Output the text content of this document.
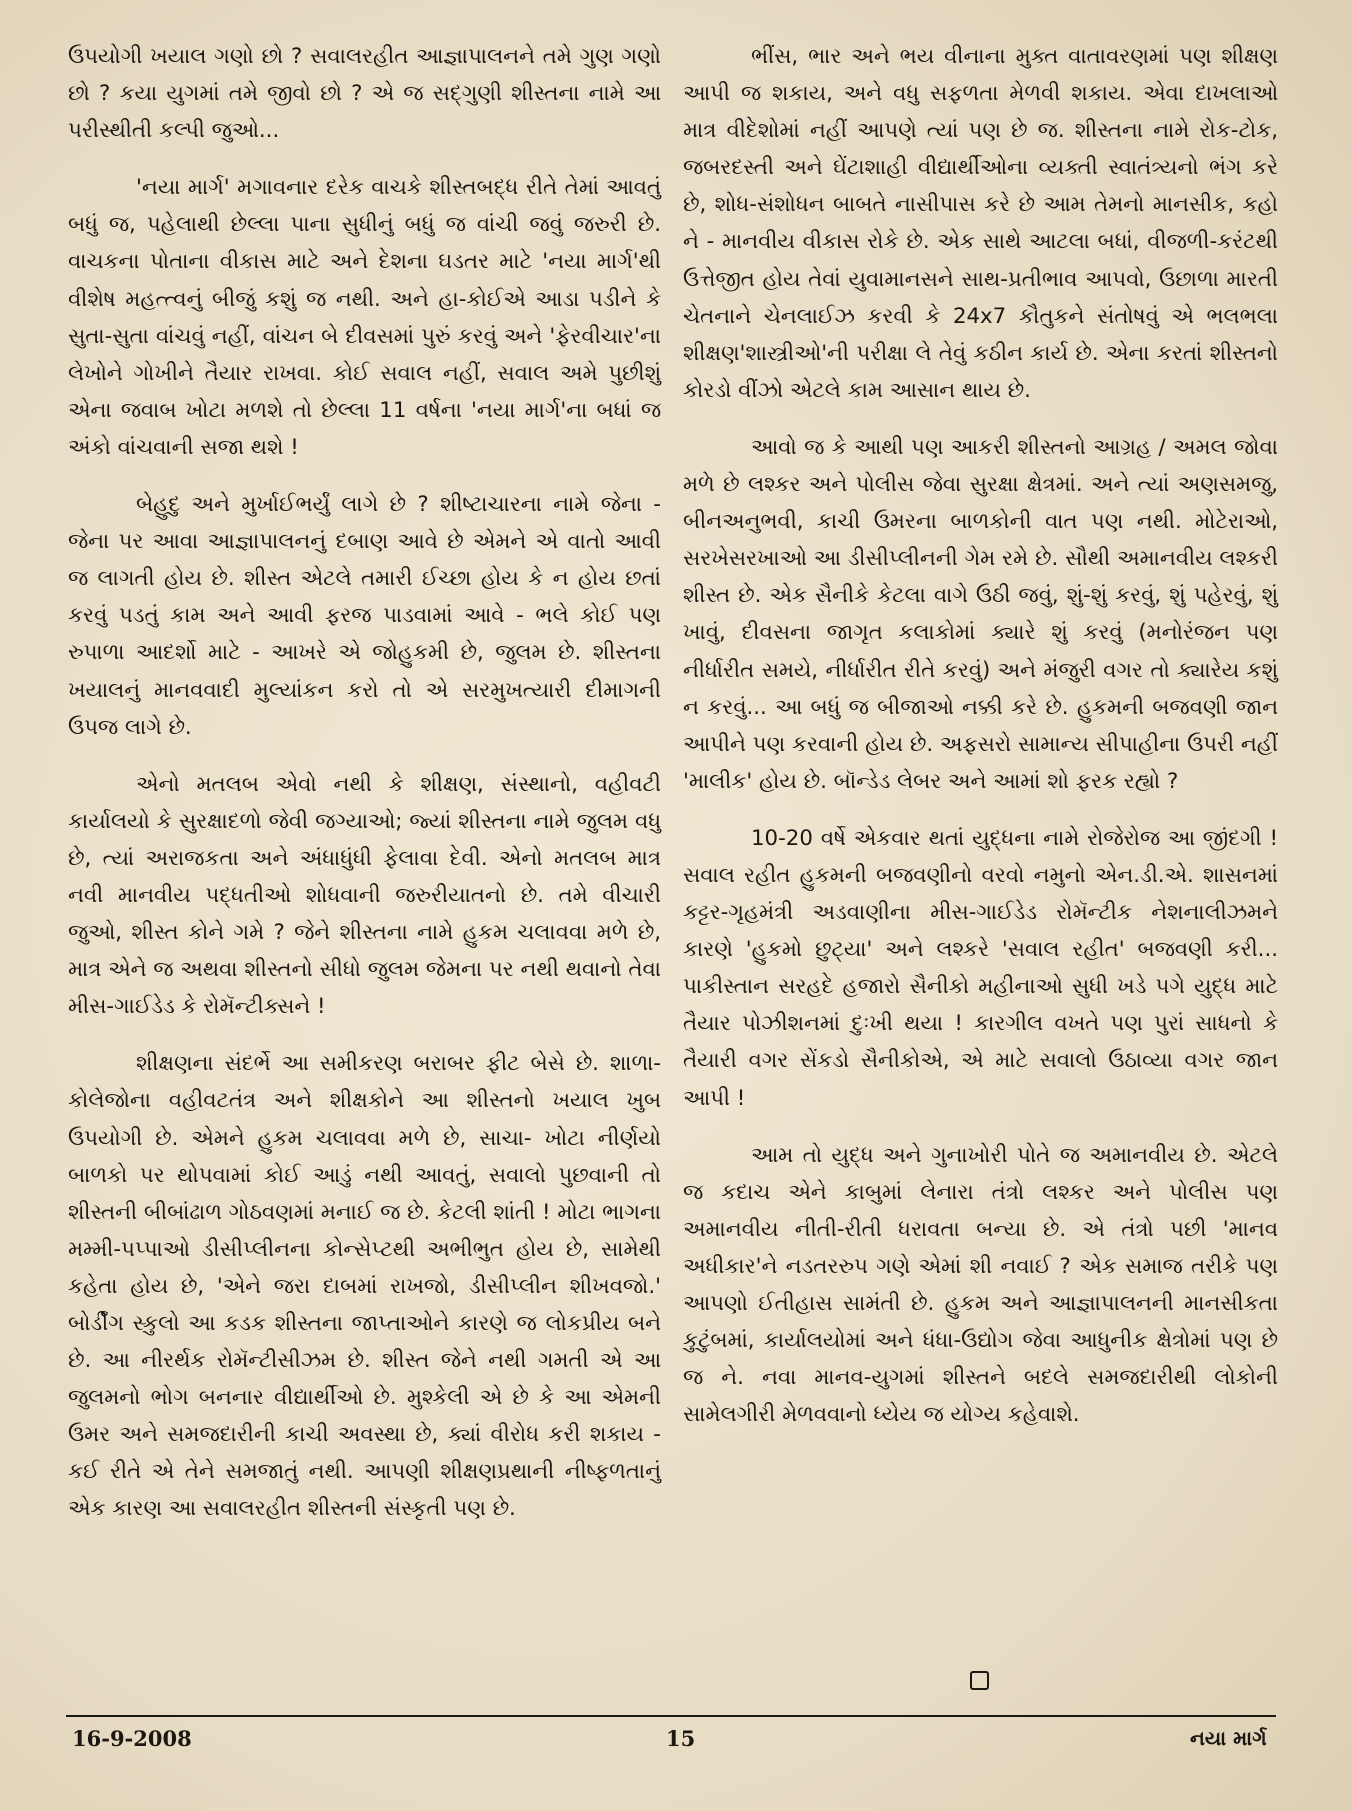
ઉપયોગી ખયાલ ગણો છો ? સવાલરહીત આજ્ઞાપાલનને તમે ગુણ ગણો છો ? કયા યુગમાં તમે જીવો છો ? એ જ સદ્‌ગુણી શીસ્તના નામે આ પરીસ્થીતી કલ્પી જુઓ...

'નયા માર્ગ' મગાવનાર દરેક વાચકે શીસ્તબદ્ધ રીતે તેમાં આવતું બધું જ, પહેલાથી છેલ્લા પાના સુધીનું બધું જ વાંચી જવું જરુરી છે. વાચકના પોતાના વીકાસ માટે અને દેશના ઘડતર માટે 'નયા માર્ગ'થી વીશેષ મહત્ત્વનું બીજું કશું જ નથી. અને હા-કોઈએ આડા પડીને કે સુતા-સુતા વાંચવું નહીં, વાંચન બે દીવસમાં પુરું કરવું અને 'ફેરવીચાર'ના લેખોને ગોખીને તૈયાર રાખવા. કોઈ સવાલ નહીં, સવાલ અમે પુછીશું એના જવાબ ખોટા મળશે તો છેલ્લા 11 વર્ષના 'નયા માર્ગ'ના બધાં જ અંકો વાંચવાની સજા થશે !

બેહુદુ અને મુર્ખાઈભર્યું લાગે છે ? શીષ્ટાચારના નામે જેના - જેના પર આવા આજ્ઞાપાલનનું દબાણ આવે છે એમને એ વાતો આવી જ લાગતી હોય છે. શીસ્ત એટલે તમારી ઈચ્છા હોય કે ન હોય છતાં કરવું પડતું કામ અને આવી ફરજ પાડવામાં આવે - ભલે કોઈ પણ રુપાળા આદર્શો માટે - આખરે એ જોહુકમી છે, જુલમ છે. શીસ્તના ખયાલનું માનવવાદી મુલ્યાંકન કરો તો એ સરમુખત્યારી દીમાગની ઉપજ લાગે છે.

એનો મતલબ એવો નથી કે શીક્ષણ, સંસ્થાનો, વહીવટી કાર્યાલયો કે સુરક્ષાદળો જેવી જગ્યાઓ; જ્યાં શીસ્તના નામે જુલમ વધુ છે, ત્યાં અરાજકતા અને અંધાધુંધી ફેલાવા દેવી. એનો મતલબ માત્ર નવી માનવીય પદ્ધતીઓ શોધવાની જરુરીયાતનો છે. તમે વીચારી જુઓ, શીસ્ત કોને ગમે ? જેને શીસ્તના નામે હુકમ ચલાવવા મળે છે, માત્ર એને જ અથવા શીસ્તનો સીધો જુલમ જેમના પર નથી થવાનો તેવા મીસ-ગાઈડેડ કે રોમૅન્ટીક્સને !

શીક્ષણના સંદર્ભે આ સમીકરણ બરાબર ફીટ બેસે છે. શાળા-કોલેજોના વહીવટતંત્ર અને શીક્ષકોને આ શીસ્તનો ખયાલ ખુબ ઉપયોગી છે. એમને હુકમ ચલાવવા મળે છે, સાચા- ખોટા નીર્ણયો બાળકો પર થોપવામાં કોઈ આડું નથી આવતું, સવાલો પુછવાની તો શીસ્તની બીબાંઢાળ ગોઠવણમાં મનાઈ જ છે. કેટલી શાંતી ! મોટા ભાગના મમ્મી-પપ્પાઓ ડીસીપ્લીનના કોન્સેપ્ટથી અભીભુત હોય છે, સામેથી કહેતા હોય છે, 'એને જરા દાબમાં રાખજો, ડીસીપ્લીન શીખવજો.' બોર્ડીંગ સ્કુલો આ કડક શીસ્તના જાપ્તાઓને કારણે જ લોકપ્રીય બને છે. આ નીરર્થક રોમૅન્ટીસીઝમ છે. શીસ્ત જેને નથી ગમતી એ આ જુલમનો ભોગ બનનાર વીદ્યાર્થીઓ છે. મુશ્કેલી એ છે કે આ એમની ઉમર અને સમજદારીની કાચી અવસ્થા છે, ક્યાં વીરોધ કરી શકાય - કઈ રીતે એ તેને સમજાતું નથી. આપણી શીક્ષણપ્રથાની નીષ્ફળતાનું એક કારણ આ સવાલરહીત શીસ્તની સંસ્કૃતી પણ છે.

ભીંસ, ભાર અને ભય વીનાના મુક્ત વાતાવરણમાં પણ શીક્ષણ આપી જ શકાય, અને વધુ સફળતા મેળવી શકાય. એવા દાખલાઓ માત્ર વીદેશોમાં નહીં આપણે ત્યાં પણ છે જ. શીસ્તના નામે રોક-ટોક, જબરદસ્તી અને ઘેંટાશાહી વીદ્યાર્થીઓના વ્યક્તી સ્વાતંત્ર્યનો ભંગ કરે છે, શોધ-સંશોધન બાબતે નાસીપાસ કરે છે આમ તેમનો માનસીક, કહો ને - માનવીય વીકાસ રોકે છે. એક સાથે આટલા બધાં, વીજળી-કરંટથી ઉત્તેજીત હોય તેવાં યુવામાનસને સાથ-પ્રતીભાવ આપવો, ઉછાળા મારતી ચેતનાને ચેનલાઈઝ કરવી કે 24x7 કૌતુકને સંતોષવું એ ભલભલા શીક્ષણ'શાસ્ત્રીઓ'ની પરીક્ષા લે તેવું કઠીન કાર્ય છે. એના કરતાં શીસ્તનો કોરડો વીંઝો એટલે કામ આસાન થાય છે.

આવો જ કે આથી પણ આકરી શીસ્તનો આગ્રહ / અમલ જોવા મળે છે લશ્કર અને પોલીસ જેવા સુરક્ષા ક્ષેત્રમાં. અને ત્યાં અણસમજુ, બીનઅનુભવી, કાચી ઉમરના બાળકોની વાત પણ નથી. મોટેરાઓ, સરખેસરખાઓ આ ડીસીપ્લીનની ગેમ રમે છે. સૌથી અમાનવીય લશ્કરી શીસ્ત છે. એક સૈનીકે કેટલા વાગે ઉઠી જવું, શું-શું કરવું, શું પહેરવું, શું ખાવું, દીવસના જાગૃત કલાકોમાં ક્યારે શું કરવું (મનોરંજન પણ નીર્ધારીત સમયે, નીર્ધારીત રીતે કરવું) અને મંજુરી વગર તો ક્યારેય કશું ન કરવું... આ બધું જ બીજાઓ નક્કી કરે છે. હુકમની બજવણી જાન આપીને પણ કરવાની હોય છે. અફસરો સામાન્ય સીપાહીના ઉપરી નહીં 'માલીક' હોય છે. બૉન્ડેડ લેબર અને આમાં શો ફરક રહ્યો ?

10-20 વર્ષે એકવાર થતાં યુદ્ધના નામે રોજેરોજ આ જીંદગી ! સવાલ રહીત હુકમની બજવણીનો વરવો નમુનો એન.ડી.એ. શાસનમાં કટ્ટર-ગૃહમંત્રી અડવાણીના મીસ-ગાઈડેડ રોમૅન્ટીક નેશનાલીઝમને કારણે 'હુકમો છુટ્યા' અને લશ્કરે 'સવાલ રહીત' બજવણી કરી... પાકીસ્તાન સરહદે હજારો સૈનીકો મહીનાઓ સુધી ખડે પગે યુદ્ધ માટે તૈયાર પોઝીશનમાં દુઃખી થયા ! કારગીલ વખતે પણ પુરાં સાધનો કે તૈયારી વગર સેંકડો સૈનીકોએ, એ માટે સવાલો ઉઠાવ્યા વગર જાન આપી !

આમ તો યુદ્ધ અને ગુનાખોરી પોતે જ અમાનવીય છે. એટલે જ કદાચ એને કાબુમાં લેનારા તંત્રો લશ્કર અને પોલીસ પણ અમાનવીય નીતી-રીતી ધરાવતા બન્યા છે. એ તંત્રો પછી 'માનવ અધીકાર'ને નડતરરુપ ગણે એમાં શી નવાઈ ? એક સમાજ તરીકે પણ આપણો ઈતીહાસ સામંતી છે. હુકમ અને આજ્ઞાપાલનની માનસીકતા કુટુંબમાં, કાર્યાલયોમાં અને ધંધા-ઉદ્યોગ જેવા આધુનીક ક્ષેત્રોમાં પણ છે જ ને. નવા માનવ-યુગમાં શીસ્તને બદલે સમજદારીથી લોકોની સામેલગીરી મેળવવાનો ધ્યેય જ યોગ્ય કહેવાશે.

16-9-2008	15	નયા માર્ગ
